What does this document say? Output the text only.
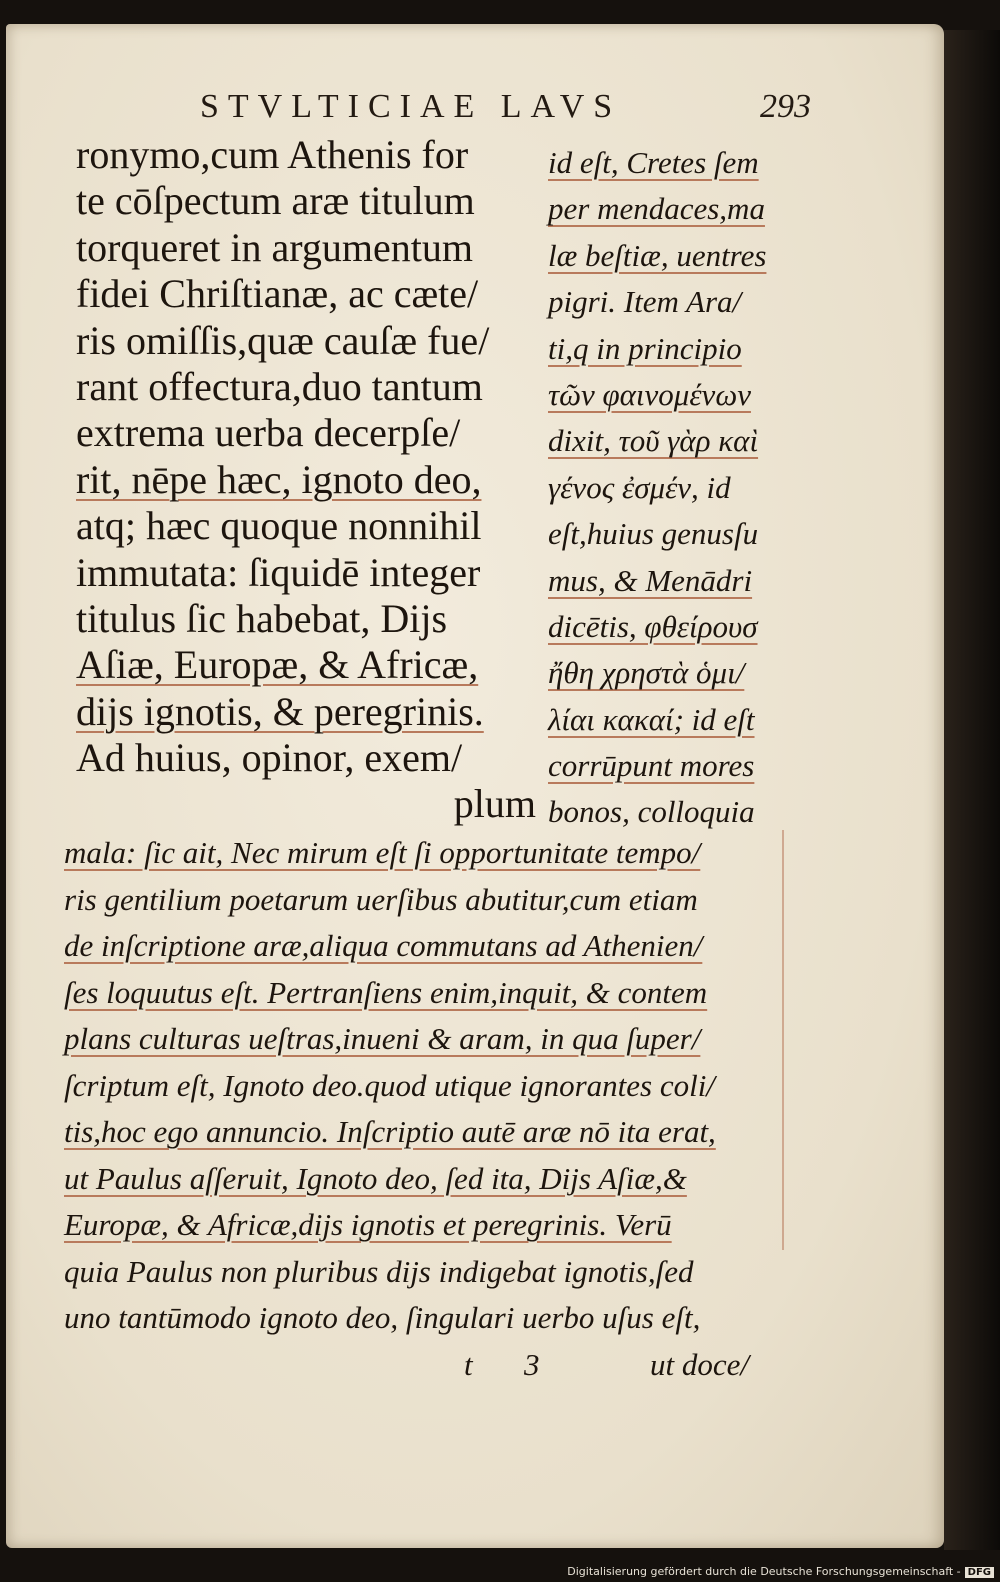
STVLTICIAE LAVS	293
ronymo,cum Athenis for
te cōſpectum aræ titulum
torqueret in argumentum
fidei Chriſtianæ, ac cæte/
ris omiſſis,quæ cauſæ fue/
rant offectura,duo tantum
extrema uerba decerpſe/
rit, nēpe hæc, ignoto deo,
atq; hæc quoque nonnihil
immutata: ſiquidē integer
titulus ſic habebat, Dijs
Aſiæ, Europæ, & Africæ,
dijs ignotis, & peregrinis.
Ad huius, opinor, exem/
plum
id eſt, Cretes ſem
per mendaces,ma
læ beſtiæ, uentres
pigri. Item Ara/
ti,q in principio
τῶν φαινομένων
dixit, τοῦ γὰρ καὶ
γένος ἐσμέν, id
eſt,huius genusſu
mus, & Menādri
dicētis, φθείρουσ
ἤθη χρηστὰ ὁμι/
λίαι κακαί; id eſt
corrūpunt mores
bonos, colloquia
mala: ſic ait, Nec mirum eſt ſi opportunitate tempo/
ris gentilium poetarum uerſibus abutitur,cum etiam
de inſcriptione aræ,aliqua commutans ad Athenien/
ſes loquutus eſt. Pertranſiens enim,inquit, & contem
plans culturas ueſtras,inueni & aram, in qua ſuper/
ſcriptum eſt, Ignoto deo.quod utique ignorantes coli/
tis,hoc ego annuncio. Inſcriptio autē aræ nō ita erat,
ut Paulus aſſeruit, Ignoto deo, ſed ita, Dijs Aſiæ,&
Europæ, & Africæ,dijs ignotis et peregrinis. Verū
quia Paulus non pluribus dijs indigebat ignotis,ſed
uno tantūmodo ignoto deo, ſingulari uerbo uſus eſt,
t 3	ut doce/
Digitalisierung gefördert durch die Deutsche Forschungsgemeinschaft - DFG
